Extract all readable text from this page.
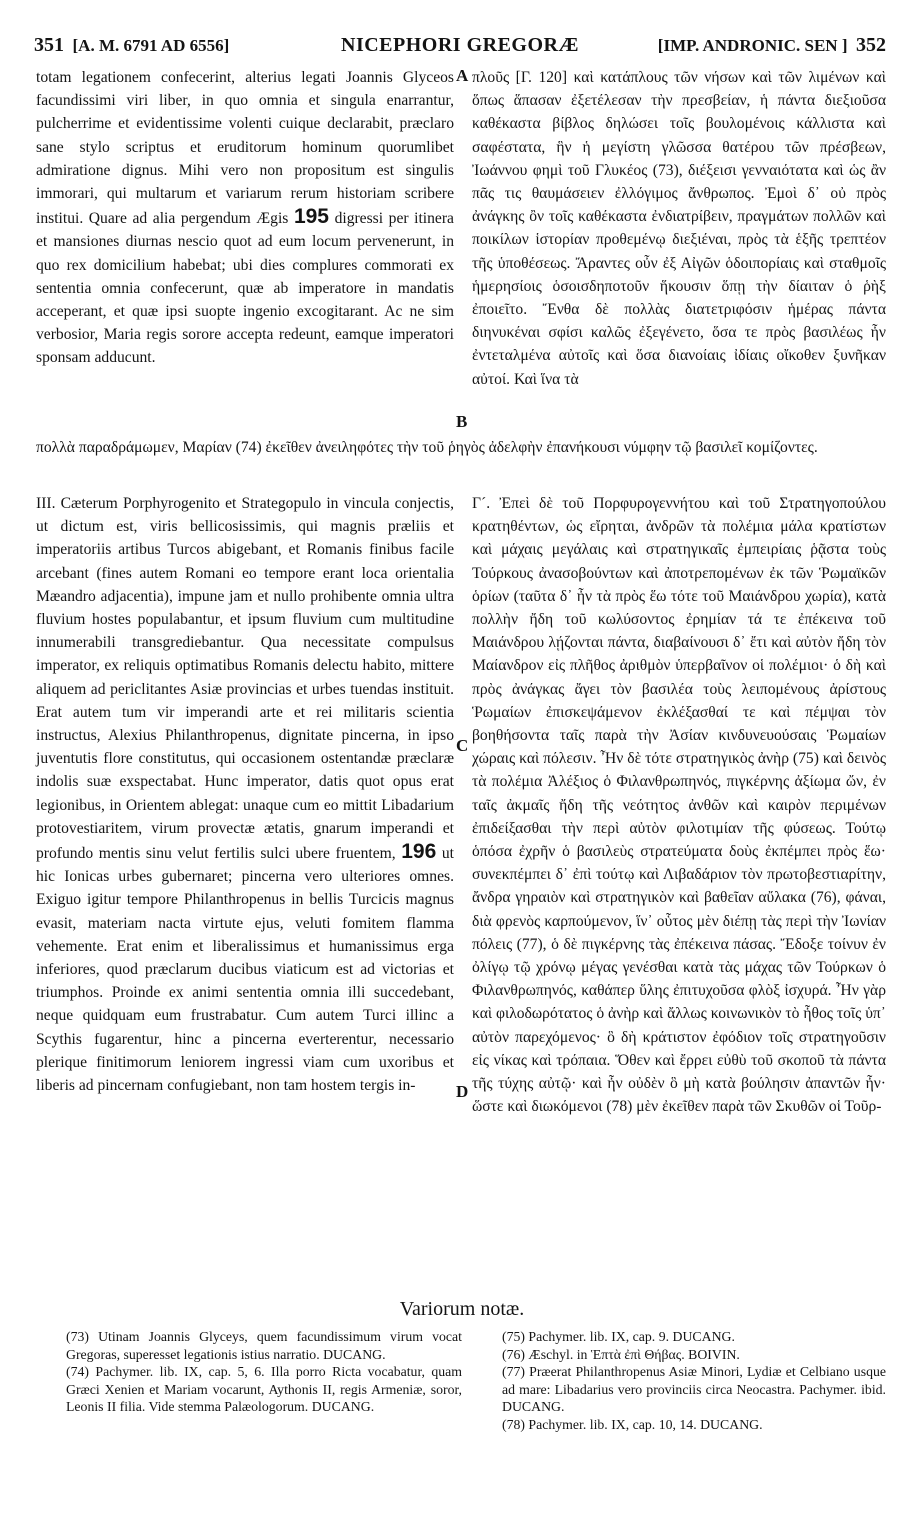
351 [A. M. 6791 AD 6556]	NICEPHORI GREGORÆ	[IMP. ANDRONIC. SEN ] 352

totam legationem confecerint, alterius legati Joannis Glyceos facundissimi viri liber, in quo omnia et singula enarrantur, pulcherrime et evidentissime volenti cuique declarabit, præclaro sane stylo scriptus et eruditorum hominum quorumlibet admiratione dignus. Mihi vero non propositum est singulis immorari, qui multarum et variarum rerum historiam scribere institui. Quare ad alia pergendum Ægis 195 digressi per itinera et mansiones diurnas nescio quot ad eum locum pervenerunt, in quo rex domicilium habebat; ubi dies complures commorati ex sententia omnia confecerunt, quæ ab imperatore in mandatis acceperant, et quæ ipsi suopte ingenio excogitarant. Ac ne sim verbosior, Maria regis sorore accepta redeunt, eamque imperatori sponsam adducunt.

A
B

πλοῦς [Γ. 120] καὶ κατάπλους τῶν νήσων καὶ τῶν λιμένων καὶ ὅπως ἅπασαν ἐξετέλεσαν τὴν πρεσβείαν, ἡ πάντα διεξιοῦσα καθέκαστα βίβλος δηλώσει τοῖς βουλομένοις κάλλιστα καὶ σαφέστατα, ἣν ἡ μεγίστη γλῶσσα θατέρου τῶν πρέσβεων, Ἰωάννου φημὶ τοῦ Γλυκέος (73), διέξεισι γενναιότατα καὶ ὡς ἂν πᾶς τις θαυμάσειεν ἐλλόγιμος ἄνθρωπος. Ἐμοὶ δ᾽ οὐ πρὸς ἀνάγκης ὂν τοῖς καθέκαστα ἐνδιατρίβειν, πραγμάτων πολλῶν καὶ ποικίλων ἱστορίαν προθεμένῳ διεξιέναι, πρὸς τὰ ἑξῆς τρεπτέον τῆς ὑποθέσεως. Ἄραντες οὖν ἐξ Αἰγῶν ὁδοιπορίαις καὶ σταθμοῖς ἡμερησίοις ὁσοισδηποτοῦν ἥκουσιν ὅπῃ τὴν δίαιταν ὁ ῥὴξ ἐποιεῖτο. Ἔνθα δὲ πολλὰς διατετριφόσιν ἡμέρας πάντα διηνυκέναι σφίσι καλῶς ἐξεγένετο, ὅσα τε πρὸς βασιλέως ἦν ἐντεταλμένα αὐτοῖς καὶ ὅσα διανοίαις ἰδίαις οἴκοθεν ξυνῆκαν αὐτοί. Καὶ ἵνα τὰ

πολλὰ παραδράμωμεν, Μαρίαν (74) ἐκεῖθεν ἀνειληφότες τὴν τοῦ ῥηγὸς ἀδελφὴν ἐπανήκουσι νύμφην τῷ βασιλεῖ κομίζοντες.

III. Cæterum Porphyrogenito et Strategopulo in vincula conjectis, ut dictum est, viris bellicosissimis, qui magnis præliis et imperatoriis artibus Turcos abigebant, et Romanis finibus facile arcebant (fines autem Romani eo tempore erant loca orientalia Mæandro adjacentia), impune jam et nullo prohibente omnia ultra fluvium hostes populabantur, et ipsum fluvium cum multitudine innumerabili transgrediebantur. Qua necessitate compulsus imperator, ex reliquis optimatibus Romanis delectu habito, mittere aliquem ad periclitantes Asiæ provincias et urbes tuendas instituit. Erat autem tum vir imperandi arte et rei militaris scientia instructus, Alexius Philanthropenus, dignitate pincerna, in ipso juventutis flore constitutus, qui occasionem ostentandæ præclaræ indolis suæ exspectabat. Hunc imperator, datis quot opus erat legionibus, in Orientem ablegat: unaque cum eo mittit Libadarium protovestiaritem, virum provectæ ætatis, gnarum imperandi et profundo mentis sinu velut fertilis sulci ubere fruentem, 196 ut hic Ionicas urbes gubernaret; pincerna vero ulteriores omnes. Exiguo igitur tempore Philanthropenus in bellis Turcicis magnus evasit, materiam nacta virtute ejus, veluti fomitem flamma vehemente. Erat enim et liberalissimus et humanissimus erga inferiores, quod præclarum ducibus viaticum est ad victorias et triumphos. Proinde ex animi sententia omnia illi succedebant, neque quidquam eum frustrabatur. Cum autem Turci illinc a Scythis fugarentur, hinc a pincerna everterentur, necessario plerique finitimorum leniorem ingressi viam cum uxoribus et liberis ad pincernam confugiebant, non tam hostem tergis in-

C
D

Γ´. Ἐπεὶ δὲ τοῦ Πορφυρογεννήτου καὶ τοῦ Στρατηγοπούλου κρατηθέντων, ὡς εἴρηται, ἀνδρῶν τὰ πολέμια μάλα κρατίστων καὶ μάχαις μεγάλαις καὶ στρατηγικαῖς ἐμπειρίαις ῥᾷστα τοὺς Τούρκους ἀνασοβούντων καὶ ἀποτρεπομένων ἐκ τῶν Ῥωμαϊκῶν ὁρίων (ταῦτα δ᾽ ἦν τὰ πρὸς ἕω τότε τοῦ Μαιάνδρου χωρία), κατὰ πολλὴν ἤδη τοῦ κωλύσοντος ἐρημίαν τά τε ἐπέκεινα τοῦ Μαιάνδρου λῄζονται πάντα, διαβαίνουσι δ᾽ ἔτι καὶ αὐτὸν ἤδη τὸν Μαίανδρον εἰς πλῆθος ἀριθμὸν ὑπερβαῖνον οἱ πολέμιοι· ὁ δὴ καὶ πρὸς ἀνάγκας ἄγει τὸν βασιλέα τοὺς λειπομένους ἀρίστους Ῥωμαίων ἐπισκεψάμενον ἐκλέξασθαί τε καὶ πέμψαι τὸν βοηθήσοντα ταῖς παρὰ τὴν Ἀσίαν κινδυνευούσαις Ῥωμαίων χώραις καὶ πόλεσιν. Ἦν δὲ τότε στρατηγικὸς ἀνὴρ (75) καὶ δεινὸς τὰ πολέμια Ἀλέξιος ὁ Φιλανθρωπηνός, πιγκέρνης ἀξίωμα ὤν, ἐν ταῖς ἀκμαῖς ἤδη τῆς νεότητος ἀνθῶν καὶ καιρὸν περιμένων ἐπιδείξασθαι τὴν περὶ αὐτὸν φιλοτιμίαν τῆς φύσεως. Τούτῳ ὁπόσα ἐχρῆν ὁ βασιλεὺς στρατεύματα δοὺς ἐκπέμπει πρὸς ἕω· συνεκπέμπει δ᾽ ἐπὶ τούτῳ καὶ Λιβαδάριον τὸν πρωτοβεστιαρίτην, ἄνδρα γηραιὸν καὶ στρατηγικὸν καὶ βαθεῖαν αὔλακα (76), φάναι, διὰ φρενὸς καρπούμενον, ἵν᾽ οὗτος μὲν διέπῃ τὰς περὶ τὴν Ἰωνίαν πόλεις (77), ὁ δὲ πιγκέρνης τὰς ἐπέκεινα πάσας. Ἔδοξε τοίνυν ἐν ὀλίγῳ τῷ χρόνῳ μέγας γενέσθαι κατὰ τὰς μάχας τῶν Τούρκων ὁ Φιλανθρωπηνός, καθάπερ ὕλης ἐπιτυχοῦσα φλὸξ ἰσχυρά. Ἦν γὰρ καὶ φιλοδωρότατος ὁ ἀνὴρ καὶ ἄλλως κοινωνικὸν τὸ ἦθος τοῖς ὑπ᾽ αὐτὸν παρεχόμενος· ὃ δὴ κράτιστον ἐφόδιον τοῖς στρατηγοῦσιν εἰς νίκας καὶ τρόπαια. Ὅθεν καὶ ἔρρει εὐθὺ τοῦ σκοποῦ τὰ πάντα τῆς τύχης αὐτῷ· καὶ ἦν οὐδὲν ὃ μὴ κατὰ βούλησιν ἀπαντῶν ἦν· ὥστε καὶ διωκόμενοι (78) μὲν ἐκεῖθεν παρὰ τῶν Σκυθῶν οἱ Τοῦρ-

Variorum notæ.

(73) Utinam Joannis Glyceys, quem facundissimum virum vocat Gregoras, superesset legationis istius narratio. DUCANG.

(74) Pachymer. lib. IX, cap. 5, 6. Illa porro Ricta vocabatur, quam Græci Xenien et Mariam vocarunt, Aythonis II, regis Armeniæ, soror, Leonis II filia. Vide stemma Palæologorum. DUCANG.

(75) Pachymer. lib. IX, cap. 9. DUCANG.

(76) Æschyl. in Ἑπτὰ ἐπὶ Θήβας. BOIVIN.

(77) Præerat Philanthropenus Asiæ Minori, Lydiæ et Celbiano usque ad mare: Libadarius vero provinciis circa Neocastra. Pachymer. ibid. DUCANG.

(78) Pachymer. lib. IX, cap. 10, 14. DUCANG.
